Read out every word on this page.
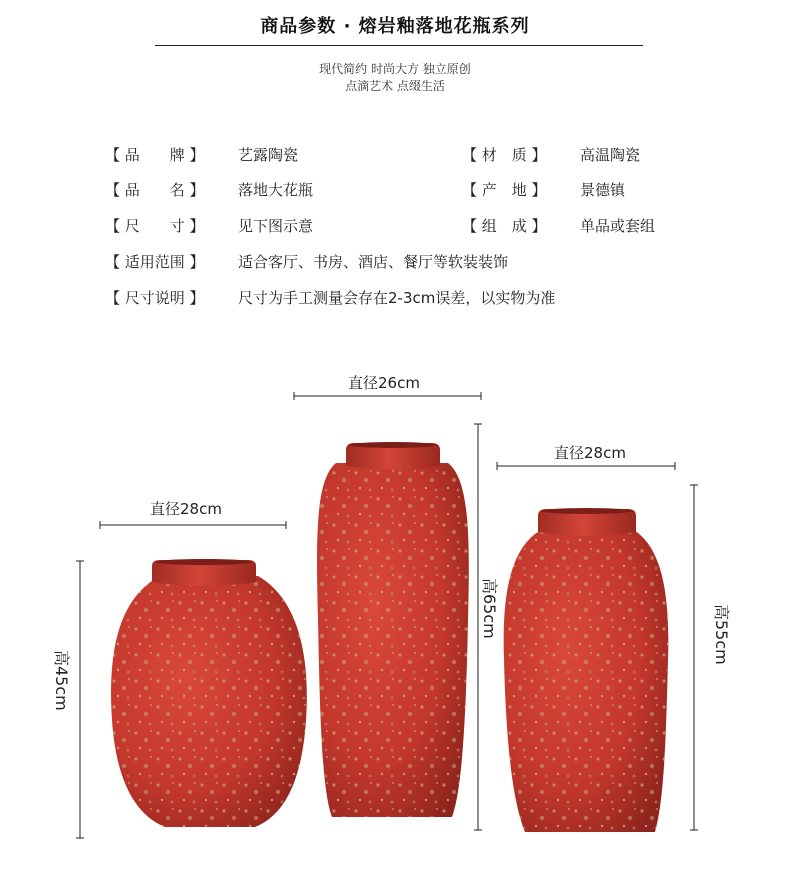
商品参数 · 熔岩釉落地花瓶系列
现代简约 时尚大方 独立原创
点滴艺术 点缀生活
【 品　　牌 】 艺露陶瓷	【 材　质 】 高温陶瓷
【 品　　名 】 落地大花瓶	【 产　地 】 景德镇
【 尺　　寸 】 见下图示意	【 组　成 】 单品或套组
【 适用范围 】 适合客厅、书房、酒店、餐厅等软装装饰
【 尺寸说明 】 尺寸为手工测量会存在2-3cm误差，以实物为准
直径28cm
直径26cm
直径28cm
高45cm
高65cm	高55cm
